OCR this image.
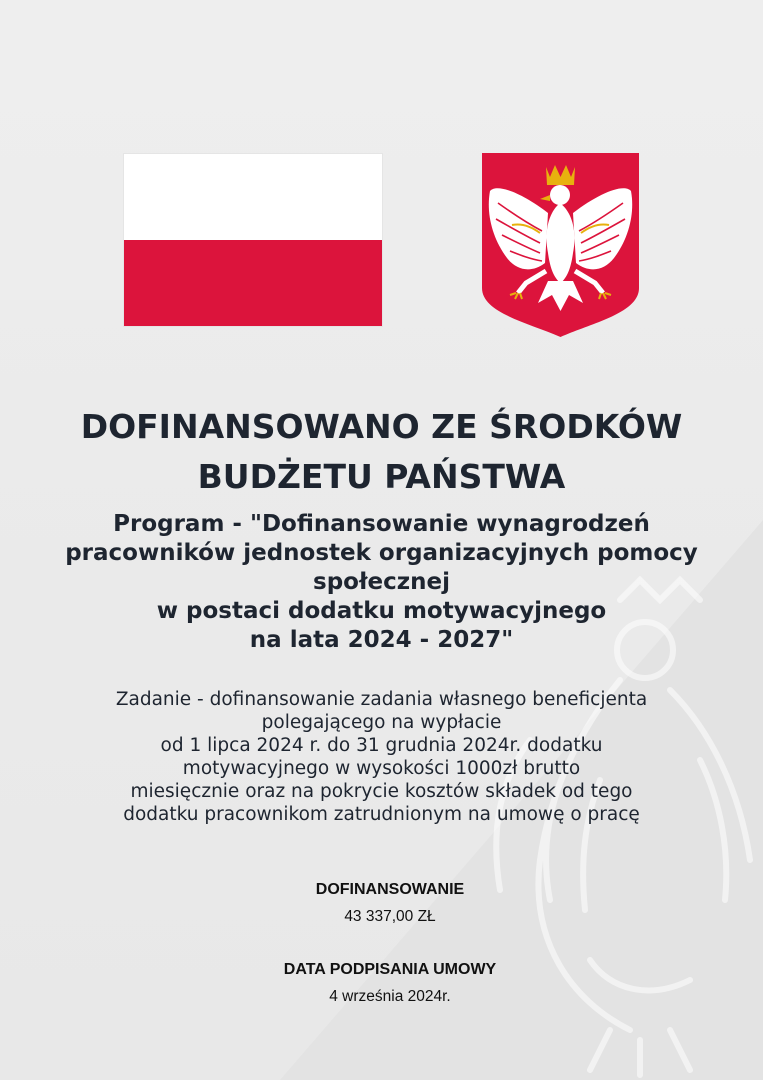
DOFINANSOWANO ZE ŚRODKÓW
BUDŻETU PAŃSTWA
Program - "Dofinansowanie wynagrodzeń
pracowników jednostek organizacyjnych pomocy
społecznej
w postaci dodatku motywacyjnego
na lata 2024 - 2027"
Zadanie - dofinansowanie zadania własnego beneficjenta
polegającego na wypłacie
od 1 lipca 2024 r. do 31 grudnia 2024r. dodatku
motywacyjnego w wysokości 1000zł brutto
miesięcznie oraz na pokrycie kosztów składek od tego
dodatku pracownikom zatrudnionym na umowę o pracę
DOFINANSOWANIE
43 337,00 ZŁ
DATA PODPISANIA UMOWY
4 września 2024r.
